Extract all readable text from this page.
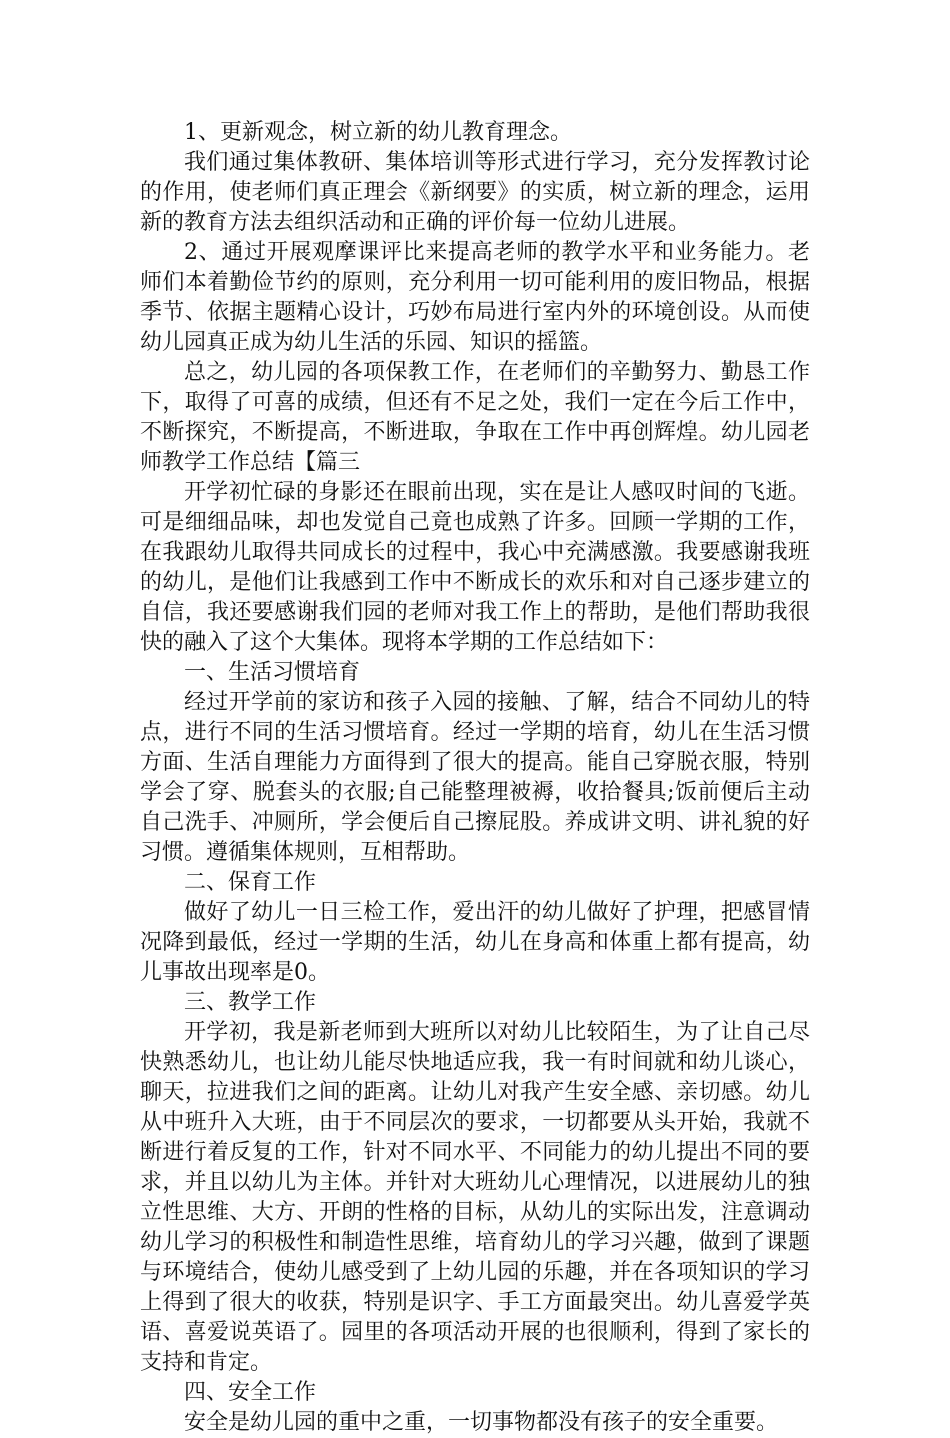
1、更新观念，树立新的幼儿教育理念。

我们通过集体教研、集体培训等形式进行学习，充分发挥教讨论的作用，使老师们真正理会《新纲要》的实质，树立新的理念，运用新的教育方法去组织活动和正确的评价每一位幼儿进展。

2、通过开展观摩课评比来提高老师的教学水平和业务能力。老师们本着勤俭节约的原则，充分利用一切可能利用的废旧物品，根据季节、依据主题精心设计，巧妙布局进行室内外的环境创设。从而使幼儿园真正成为幼儿生活的乐园、知识的摇篮。

总之，幼儿园的各项保教工作，在老师们的辛勤努力、勤恳工作下，取得了可喜的成绩，但还有不足之处，我们一定在今后工作中，不断探究，不断提高，不断进取，争取在工作中再创辉煌。幼儿园老师教学工作总结【篇三

开学初忙碌的身影还在眼前出现，实在是让人感叹时间的飞逝。可是细细品味，却也发觉自己竟也成熟了许多。回顾一学期的工作，在我跟幼儿取得共同成长的过程中，我心中充满感激。我要感谢我班的幼儿，是他们让我感到工作中不断成长的欢乐和对自己逐步建立的自信，我还要感谢我们园的老师对我工作上的帮助，是他们帮助我很快的融入了这个大集体。现将本学期的工作总结如下：

一、生活习惯培育

经过开学前的家访和孩子入园的接触、了解，结合不同幼儿的特点，进行不同的生活习惯培育。经过一学期的培育，幼儿在生活习惯方面、生活自理能力方面得到了很大的提高。能自己穿脱衣服，特别学会了穿、脱套头的衣服;自己能整理被褥，收拾餐具;饭前便后主动自己洗手、冲厕所，学会便后自己擦屁股。养成讲文明、讲礼貌的好习惯。遵循集体规则，互相帮助。

二、保育工作

做好了幼儿一日三检工作，爱出汗的幼儿做好了护理，把感冒情况降到最低，经过一学期的生活，幼儿在身高和体重上都有提高，幼儿事故出现率是0。

三、教学工作

开学初，我是新老师到大班所以对幼儿比较陌生，为了让自己尽快熟悉幼儿，也让幼儿能尽快地适应我，我一有时间就和幼儿谈心，聊天，拉进我们之间的距离。让幼儿对我产生安全感、亲切感。幼儿从中班升入大班，由于不同层次的要求，一切都要从头开始，我就不断进行着反复的工作，针对不同水平、不同能力的幼儿提出不同的要求，并且以幼儿为主体。并针对大班幼儿心理情况，以进展幼儿的独立性思维、大方、开朗的性格的目标，从幼儿的实际出发，注意调动幼儿学习的积极性和制造性思维，培育幼儿的学习兴趣，做到了课题与环境结合，使幼儿感受到了上幼儿园的乐趣，并在各项知识的学习上得到了很大的收获，特别是识字、手工方面最突出。幼儿喜爱学英语、喜爱说英语了。园里的各项活动开展的也很顺利，得到了家长的支持和肯定。

四、安全工作

安全是幼儿园的重中之重，一切事物都没有孩子的安全重要。
